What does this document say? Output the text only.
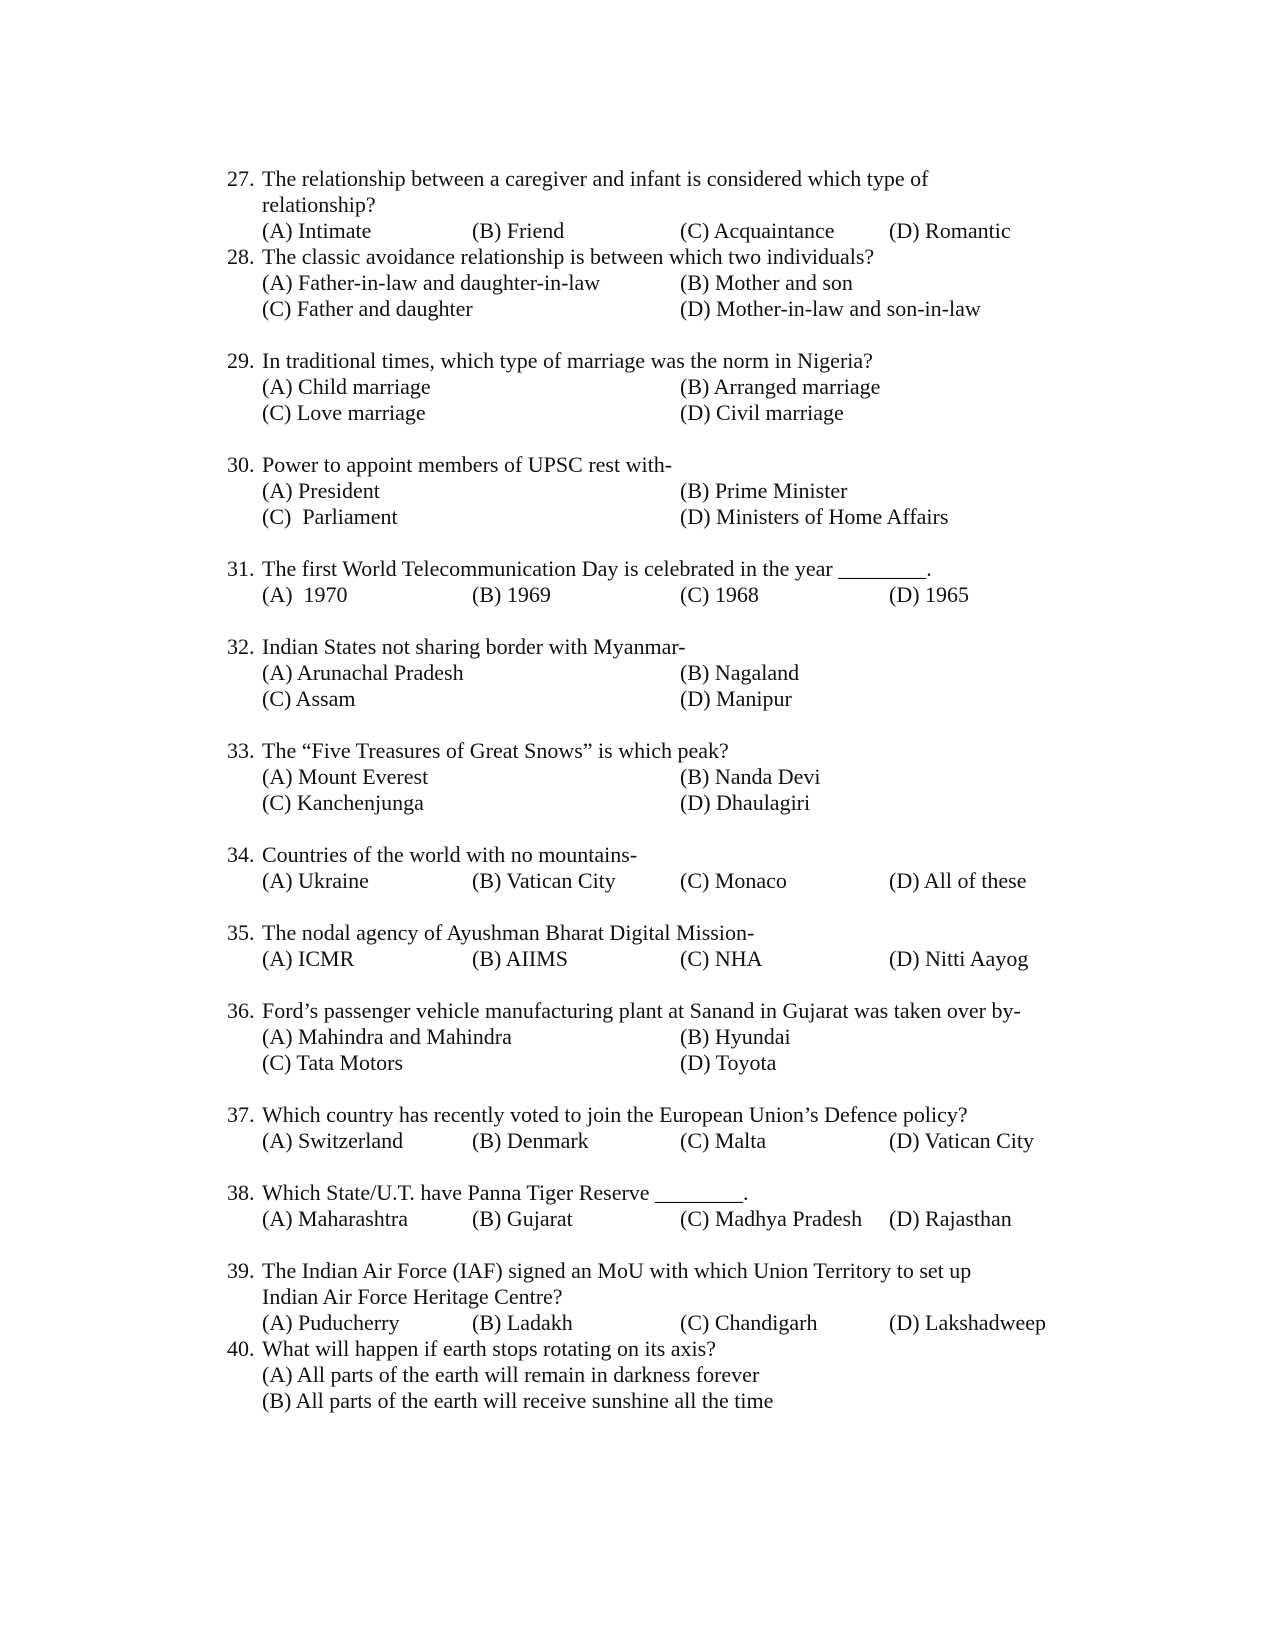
27. The relationship between a caregiver and infant is considered which type of
relationship?
(A) Intimate	(B) Friend	(C) Acquaintance (D) Romantic
28. The classic avoidance relationship is between which two individuals?
(A) Father-in-law and daughter-in-law	(B) Mother and son
(C) Father and daughter	(D) Mother-in-law and son-in-law
29. In traditional times, which type of marriage was the norm in Nigeria?
(A) Child marriage	(B) Arranged marriage
(C) Love marriage	(D) Civil marriage
30. Power to appoint members of UPSC rest with-
(A) President	(B) Prime Minister
(C)  Parliament	(D) Ministers of Home Affairs
31. The first World Telecommunication Day is celebrated in the year ________.
(A)  1970	(B) 1969	(C) 1968	(D) 1965
32. Indian States not sharing border with Myanmar-
(A) Arunachal Pradesh	(B) Nagaland
(C) Assam	(D) Manipur
33. The “Five Treasures of Great Snows” is which peak?
(A) Mount Everest	(B) Nanda Devi
(C) Kanchenjunga	(D) Dhaulagiri
34. Countries of the world with no mountains-
(A) Ukraine	(B) Vatican City	(C) Monaco	(D) All of these
35. The nodal agency of Ayushman Bharat Digital Mission-
(A) ICMR	(B) AIIMS	(C) NHA	(D) Nitti Aayog
36. Ford’s passenger vehicle manufacturing plant at Sanand in Gujarat was taken over by-
(A) Mahindra and Mahindra	(B) Hyundai
(C) Tata Motors	(D) Toyota
37. Which country has recently voted to join the European Union’s Defence policy?
(A) Switzerland	(B) Denmark	(C) Malta	(D) Vatican City
38. Which State/U.T. have Panna Tiger Reserve ________.
(A) Maharashtra	(B) Gujarat	(C) Madhya Pradesh (D) Rajasthan
39. The Indian Air Force (IAF) signed an MoU with which Union Territory to set up
Indian Air Force Heritage Centre?
(A) Puducherry	(B) Ladakh	(C) Chandigarh	(D) Lakshadweep
40. What will happen if earth stops rotating on its axis?
(A) All parts of the earth will remain in darkness forever
(B) All parts of the earth will receive sunshine all the time
